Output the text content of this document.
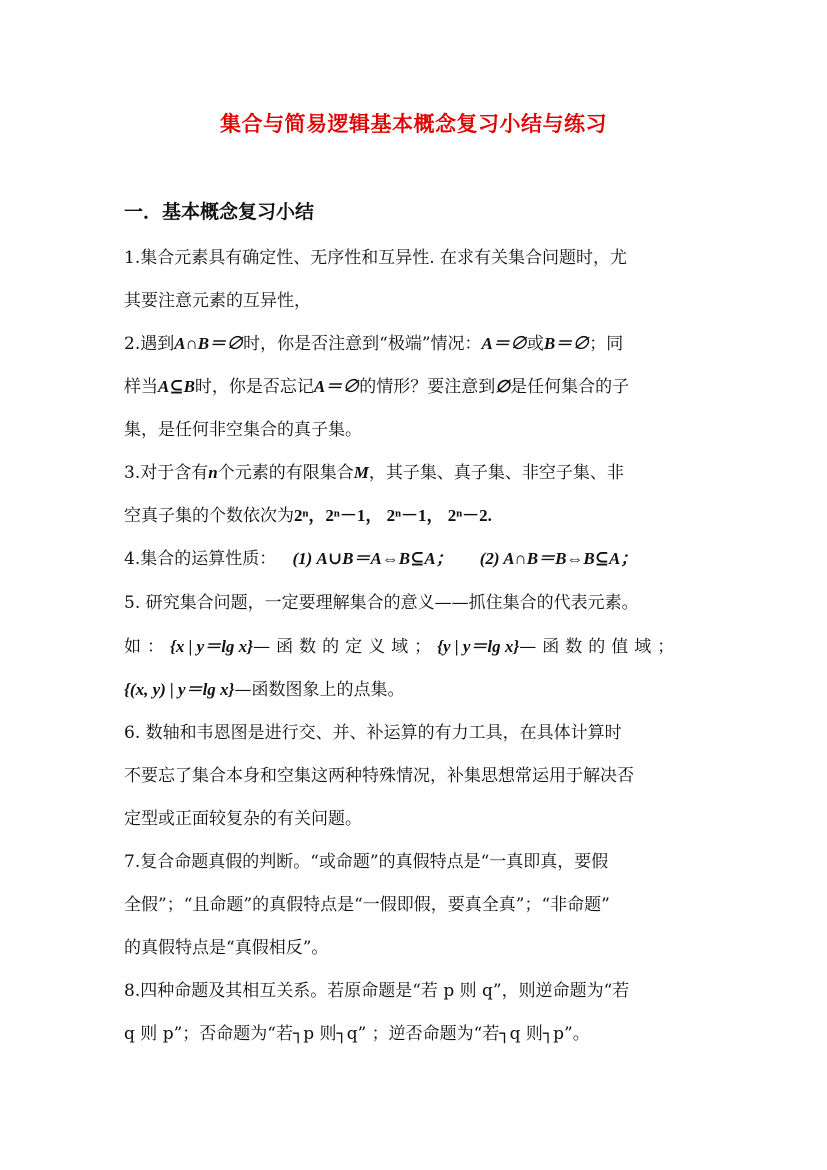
集合与简易逻辑基本概念复习小结与练习
一．基本概念复习小结
1.集合元素具有确定性、无序性和互异性. 在求有关集合问题时，尤
其要注意元素的互异性，
2.遇到A∩B＝∅时，你是否注意到“极端”情况：A＝∅或B＝∅；同
样当A⊆B时，你是否忘记A＝∅的情形？要注意到∅是任何集合的子
集，是任何非空集合的真子集。
3.对于含有n个元素的有限集合M，其子集、真子集、非空子集、非
空真子集的个数依次为2ⁿ，2ⁿ－1， 2ⁿ－1， 2ⁿ－2.
4.集合的运算性质： (1) A∪B＝A⇔B⊆A； (2) A∩B＝B⇔B⊆A；
5. 研究集合问题，一定要理解集合的意义——抓住集合的代表元素。
如：{x | y＝lg x}—函数的定义域；{y | y＝lg x}—函数的值域；
{(x, y) | y＝lg x}—函数图象上的点集。
6. 数轴和韦恩图是进行交、并、补运算的有力工具，在具体计算时
不要忘了集合本身和空集这两种特殊情况，补集思想常运用于解决否
定型或正面较复杂的有关问题。
7.复合命题真假的判断。“或命题”的真假特点是“一真即真，要假
全假”；“且命题”的真假特点是“一假即假，要真全真”；“非命题”
的真假特点是“真假相反”。
8.四种命题及其相互关系。若原命题是“若 p 则 q”，则逆命题为“若
q 则 p”；否命题为“若┐p 则┐q” ；逆否命题为“若┐q 则┐p”。
